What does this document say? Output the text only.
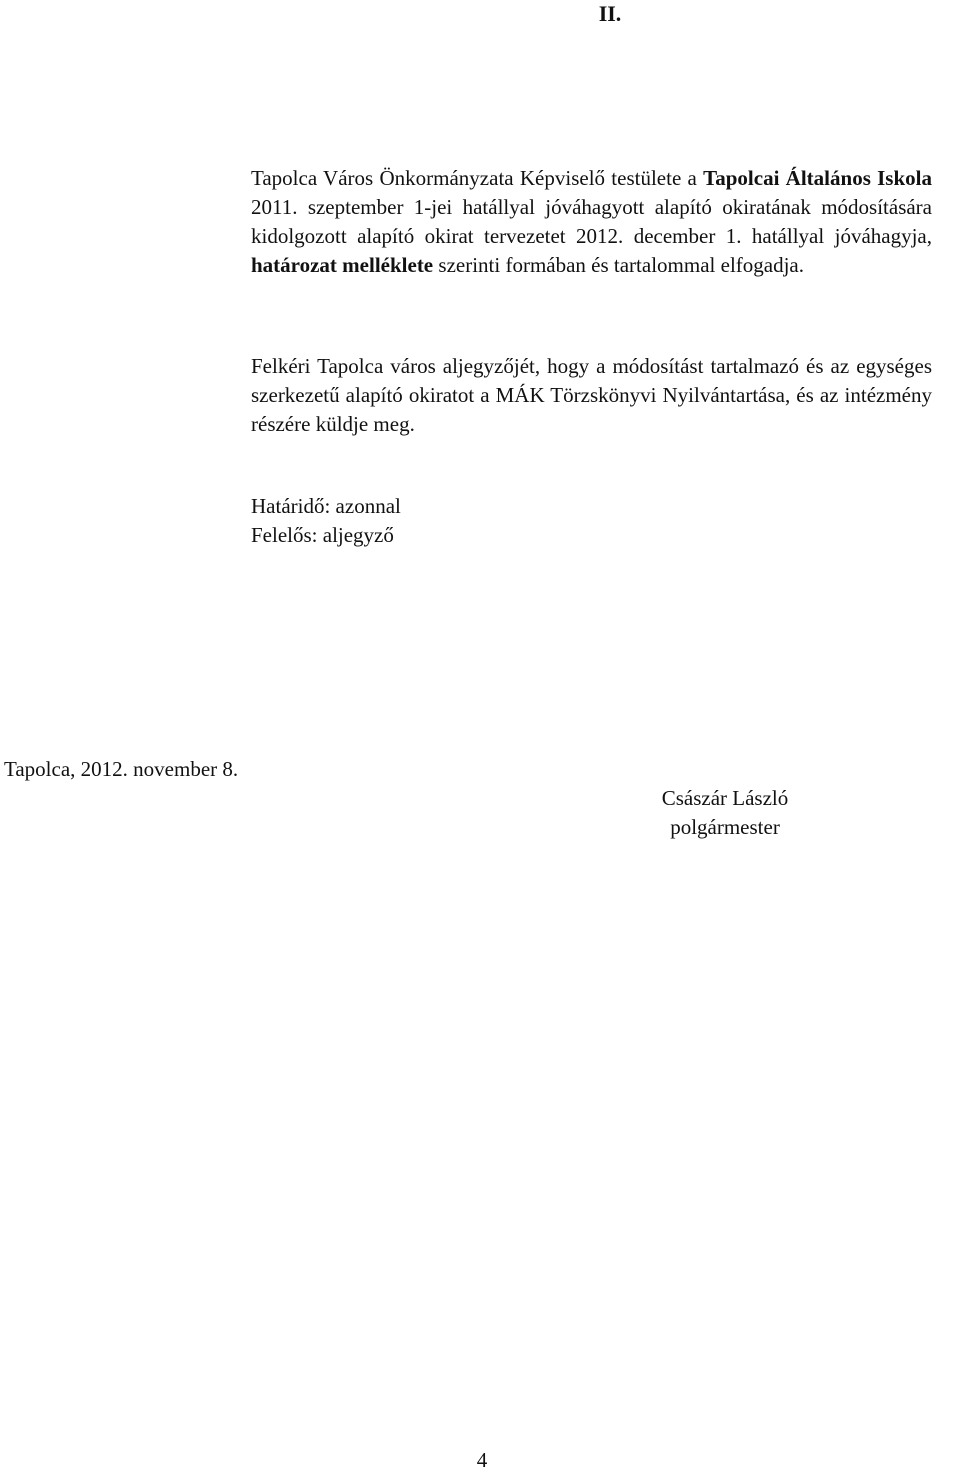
II.

Tapolca Város Önkormányzata Képviselő testülete a Tapolcai Általános Iskola 2011. szeptember 1-jei hatállyal jóváhagyott alapító okiratának módosítására kidolgozott alapító okirat tervezetet 2012. december 1. hatállyal jóváhagyja, határozat melléklete szerinti formában és tartalommal elfogadja.

Felkéri Tapolca város aljegyzőjét, hogy a módosítást tartalmazó és az egységes szerkezetű alapító okiratot a MÁK Törzskönyvi Nyilvántartása, és az intézmény részére küldje meg.

Határidő: azonnal

Felelős: aljegyző

Tapolca, 2012. november 8.
Császár László
polgármester
4
